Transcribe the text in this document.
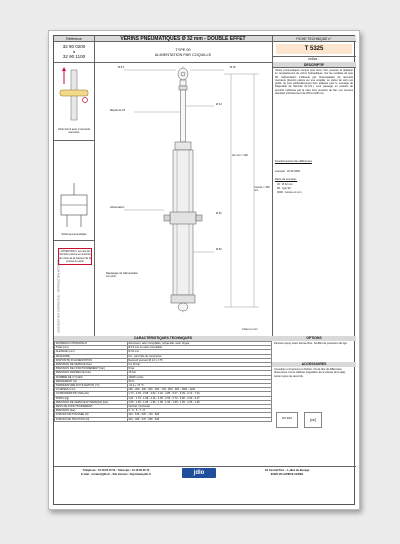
Référence	VÉRINS PNEUMATIQUES Ø 32 mm - DOUBLE EFFET	FICHE TECHNIQUE n°
32 90 0200
à
32 90 1100
TYPE 90
ALIMENTATION PAR COQUILLE
T 5325
indice -
DESCRIPTIF
Vérin fourni avec 2 raccords tournants
Schéma pneumatique
• ATTENTION • La cote AC doit être prévue en fonction du choix de la hauteur de la course du vérin
Ø 8.1	Ø 16
Méplat de 15
Ø 13
AC min = 136
Course = 150 mm
Alimentation
Ø 40
Ø 63
Repiquage de l'alimentation sur vérin
Cotes en mm
Vérins pneumatiques conçus pour lever, tirer, pousser et déplacer en remplacement de vérins hydrauliques. Sur les modèles de type 90, l'alimentation s'effectue par l'intermédiaire de raccords tournants (fournis) placés sur une coquille. Le piston de vérin est guidé. Ils sont particulièrement bien adaptés pour le montage de Dispositifs de Sécurité (D.A.S.). Leur passage en position de sécurité s'effectue par la mise hors pression de l'air. Les courses standard s'échelonnent de 200 à 1100 mm.
Fonctionnement des différences
exemple : 32 90 0200
Dans cet exemple :
32 : Ø 32 mm
90 : type 90
0200 : course en mm
CARACTÉRISTIQUES TECHNIQUES
MATÉRIAUX PRINCIPAUX	Aluminium, acier inoxydable, polyamide, acier zingué
TIGE (mm)	Ø 13 mm en acier inoxydable
ALÉSAGE (mm)	Ø 32 mm
MÂCHOIRE	G1 - par bride de compresse
DISPOSITIF D'ALIMENTATION	Raccord tournant M 12 x 1.75
PRESSION DE SERVICE (bar)	3 à 10 bar
PRESSION DE FONCTIONNEMENT (bar)	6 bar
PRESSION D'ÉPREUVE (bar)	15 bar
NOMBRE DE CYCLES	10000 cycles
RENDEMENT (%)	90 %
TEMPÉRATURE D'UTILISATION (°C)	-10 à + 70 °C
COURSES (mm)	200 - 300 - 400 - 500 - 600 - 700 - 800 - 900 - 1000 - 1100
CONSOMMATION (Nl/cycle)	1.73 - 2.35 - 2.98 - 3.60 - 4.22 - 4.85 - 5.47 - 6.09 - 6.72 - 7.34
POIDS (kg)	1.61 - 1.79 - 1.98 - 2.16 - 2.35 - 2.53 - 2.72 - 2.90 - 3.09 - 3.27
PRESSION DE SERVICE DYNAMIQUE (bar)	1.95 - 1.95 - 1.95 - 1.95 - 1.95 - 1.95 - 1.95 - 1.95 - 1.95 - 1.95
SENS DE FONCTIONNEMENT	Vertical, horizontal
PRESSION (bar)	4 - 5 - 6 - 7 - 8
FORCES DE POUSSÉE (N)	410 - 515 - 620 - 720 - 820
FORCES DE TRACTION (N)	310 - 390 - 470 - 545 - 620
OPTIONS
Peinture époxy selon teintes RAL. Soufflet de protection de tige.
ACCESSOIRES
Consultez et imprimez-en Fichier. Vis de tête de différentes dimensions. Fente calibrée (régulation de la vitesse de la tige). Autres types de raccords.
ISO 9001	[ce]
Téléphone : 01 48 60 15 53 - Télécopie : 01 48 60 26 70
E-mail : contact@jdlo.fr - Site internet : http://www.jdlo.fr	jdlo	ZA Central Parc - 1, allée du Bocage
93420 VILLEPINTE CEDEX
DOCUMENT NON CONTRACTUEL - REPRODUCTION INTERDITE
